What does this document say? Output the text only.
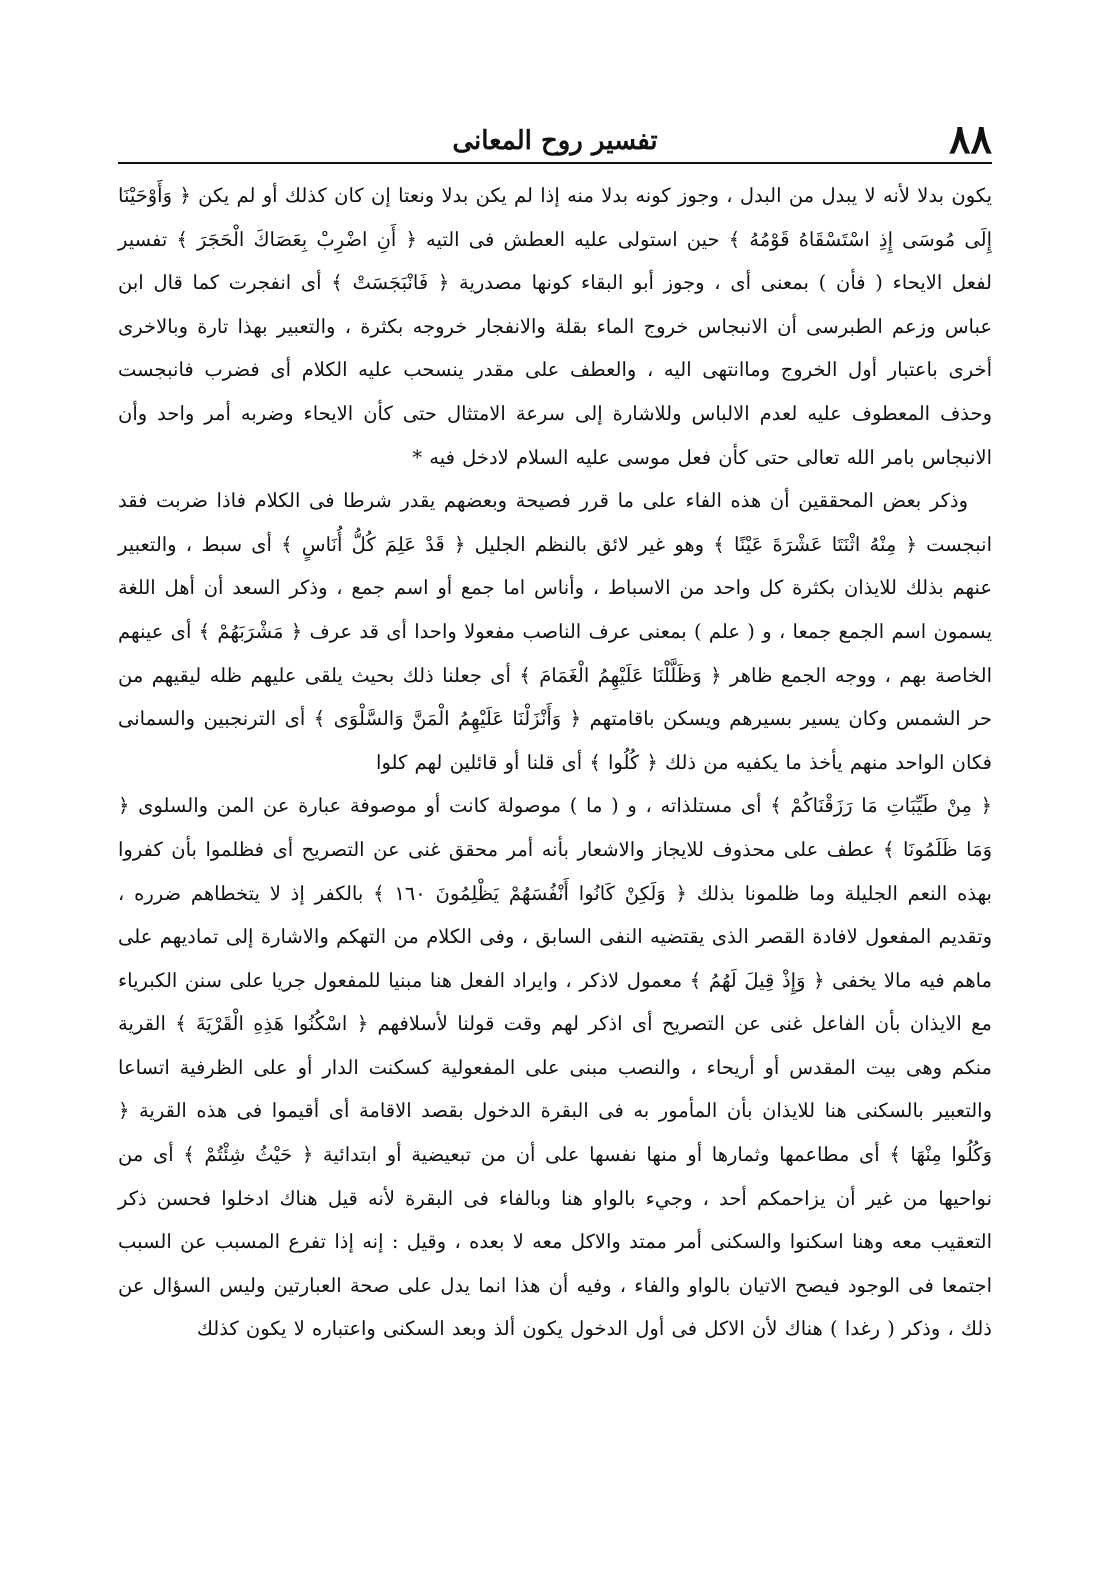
٨٨
تفسير روح المعانى

يكون بدلا لأنه لا يبدل من البدل ، وجوز كونه بدلا منه إذا لم يكن بدلا ونعتا إن كان كذلك أو لم يكن ﴿ وَأَوْحَيْنَا إِلَى مُوسَى إِذِ اسْتَسْقَاهُ قَوْمُهُ ﴾ حين استولى عليه العطش فى التيه ﴿ أَنِ اضْرِبْ بِعَصَاكَ الْحَجَرَ ﴾ تفسير لفعل الايحاء ( فأن ) بمعنى أى ، وجوز أبو البقاء كونها مصدرية ﴿ فَانْبَجَسَتْ ﴾ أى انفجرت كما قال ابن عباس وزعم الطبرسى أن الانبجاس خروج الماء بقلة والانفجار خروجه بكثرة ، والتعبير بهذا تارة وبالاخرى أخرى باعتبار أول الخروج وماانتهى اليه ، والعطف على مقدر ينسحب عليه الكلام أى فضرب فانبجست وحذف المعطوف عليه لعدم الالباس وللاشارة إلى سرعة الامتثال حتى كأن الايحاء وضربه أمر واحد وأن الانبجاس بامر الله تعالى حتى كأن فعل موسى عليه السلام لادخل فيه *

وذكر بعض المحققين أن هذه الفاء على ما قرر فصيحة وبعضهم يقدر شرطا فى الكلام فاذا ضربت فقد انبجست ﴿ مِنْهُ اثْنَتَا عَشْرَةَ عَيْنًا ﴾ وهو غير لائق بالنظم الجليل ﴿ قَدْ عَلِمَ كُلُّ أُنَاسٍ ﴾ أى سبط ، والتعبير عنهم بذلك للايذان بكثرة كل واحد من الاسباط ، وأناس اما جمع أو اسم جمع ، وذكر السعد أن أهل اللغة يسمون اسم الجمع جمعا ، و ( علم ) بمعنى عرف الناصب مفعولا واحدا أى قد عرف ﴿ مَشْرَبَهُمْ ﴾ أى عينهم الخاصة بهم ، ووجه الجمع ظاهر ﴿ وَظَلَّلْنَا عَلَيْهِمُ الْغَمَامَ ﴾ أى جعلنا ذلك بحيث يلقى عليهم ظله ليقيهم من حر الشمس وكان يسير بسيرهم ويسكن باقامتهم ﴿ وَأَنْزَلْنَا عَلَيْهِمُ الْمَنَّ وَالسَّلْوَى ﴾ أى الترنجبين والسمانى فكان الواحد منهم يأخذ ما يكفيه من ذلك ﴿ كُلُوا ﴾ أى قلنا أو قائلين لهم كلوا

﴿ مِنْ طَيِّبَاتِ مَا رَزَقْنَاكُمْ ﴾ أى مستلذاته ، و ( ما ) موصولة كانت أو موصوفة عبارة عن المن والسلوى ﴿ وَمَا ظَلَمُونَا ﴾ عطف على محذوف للايجاز والاشعار بأنه أمر محقق غنى عن التصريح أى فظلموا بأن كفروا بهذه النعم الجليلة وما ظلمونا بذلك ﴿ وَلَكِنْ كَانُوا أَنْفُسَهُمْ يَظْلِمُونَ ١٦٠ ﴾ بالكفر إذ لا يتخطاهم ضرره ، وتقديم المفعول لافادة القصر الذى يقتضيه النفى السابق ، وفى الكلام من التهكم والاشارة إلى تماديهم على ماهم فيه مالا يخفى ﴿ وَإِذْ قِيلَ لَهُمُ ﴾ معمول لاذكر ، وايراد الفعل هنا مبنيا للمفعول جريا على سنن الكبرياء مع الايذان بأن الفاعل غنى عن التصريح أى اذكر لهم وقت قولنا لأسلافهم ﴿ اسْكُنُوا هَذِهِ الْقَرْيَةَ ﴾ القرية منكم وهى بيت المقدس أو أريحاء ، والنصب مبنى على المفعولية كسكنت الدار أو على الظرفية اتساعا والتعبير بالسكنى هنا للايذان بأن المأمور به فى البقرة الدخول بقصد الاقامة أى أقيموا فى هذه القرية ﴿ وَكُلُوا مِنْهَا ﴾ أى مطاعمها وثمارها أو منها نفسها على أن من تبعيضية أو ابتدائية ﴿ حَيْثُ شِئْتُمْ ﴾ أى من نواحيها من غير أن يزاحمكم أحد ، وجيء بالواو هنا وبالفاء فى البقرة لأنه قيل هناك ادخلوا فحسن ذكر التعقيب معه وهنا اسكنوا والسكنى أمر ممتد والاكل معه لا بعده ، وقيل : إنه إذا تفرع المسبب عن السبب اجتمعا فى الوجود فيصح الاتيان بالواو والفاء ، وفيه أن هذا انما يدل على صحة العبارتين وليس السؤال عن ذلك ، وذكر ( رغدا ) هناك لأن الاكل فى أول الدخول يكون ألذ وبعد السكنى واعتباره لا يكون كذلك
